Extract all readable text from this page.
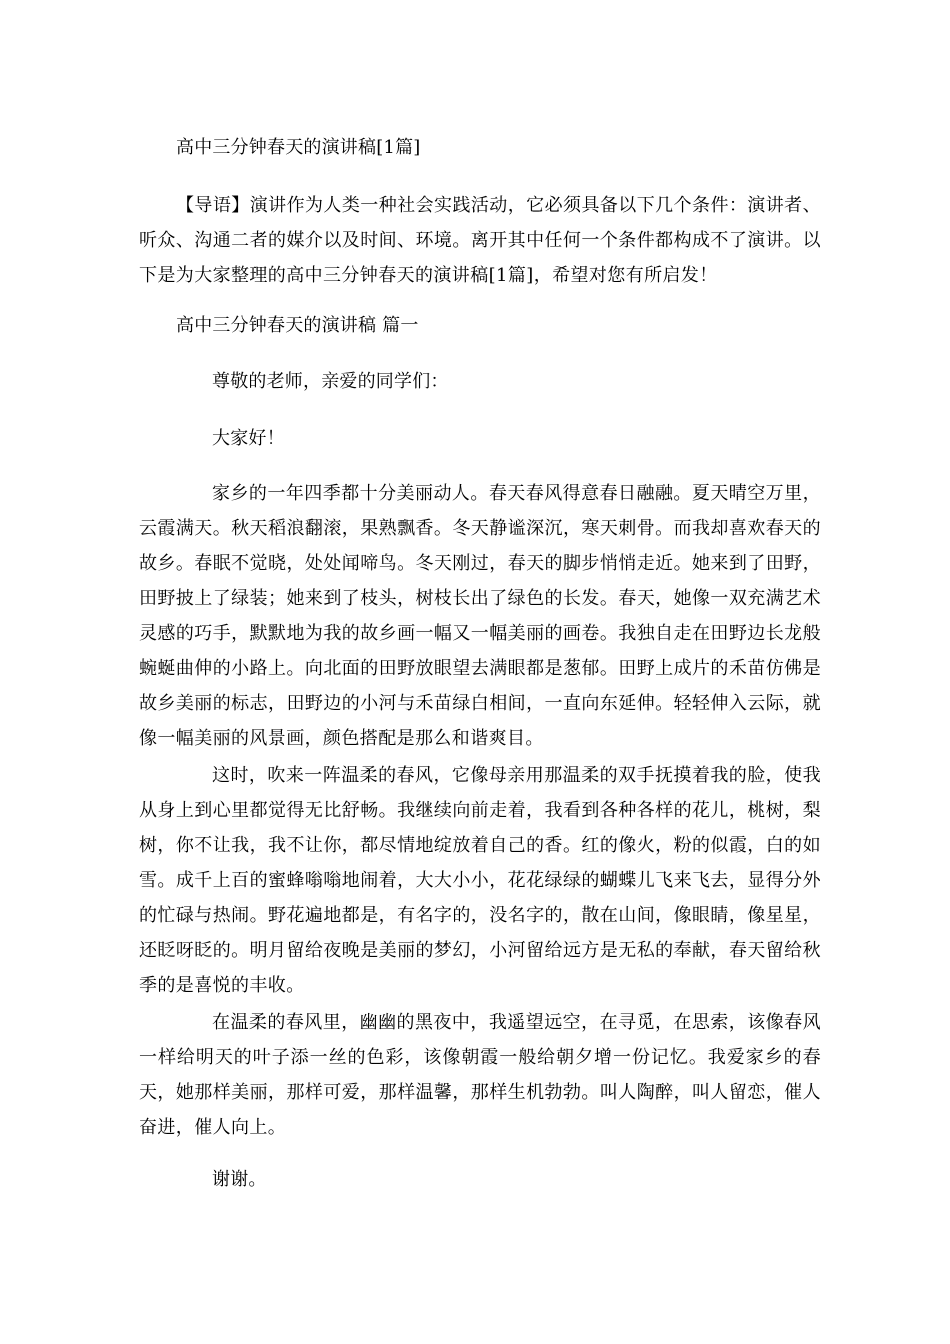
高中三分钟春天的演讲稿[1篇]

【导语】演讲作为人类一种社会实践活动，它必须具备以下几个条件：演讲者、听众、沟通二者的媒介以及时间、环境。离开其中任何一个条件都构成不了演讲。以下是为大家整理的高中三分钟春天的演讲稿[1篇]，希望对您有所启发！

高中三分钟春天的演讲稿 篇一

尊敬的老师，亲爱的同学们：

大家好！

家乡的一年四季都十分美丽动人。春天春风得意春日融融。夏天晴空万里，云霞满天。秋天稻浪翻滚，果熟飘香。冬天静谧深沉，寒天刺骨。而我却喜欢春天的故乡。春眠不觉晓，处处闻啼鸟。冬天刚过，春天的脚步悄悄走近。她来到了田野，田野披上了绿装；她来到了枝头，树枝长出了绿色的长发。春天，她像一双充满艺术灵感的巧手，默默地为我的故乡画一幅又一幅美丽的画卷。我独自走在田野边长龙般蜿蜒曲伸的小路上。向北面的田野放眼望去满眼都是葱郁。田野上成片的禾苗仿佛是故乡美丽的标志，田野边的小河与禾苗绿白相间，一直向东延伸。轻轻伸入云际，就像一幅美丽的风景画，颜色搭配是那么和谐爽目。

这时，吹来一阵温柔的春风，它像母亲用那温柔的双手抚摸着我的脸，使我从身上到心里都觉得无比舒畅。我继续向前走着，我看到各种各样的花儿，桃树，梨树，你不让我，我不让你，都尽情地绽放着自己的香。红的像火，粉的似霞，白的如雪。成千上百的蜜蜂嗡嗡地闹着，大大小小，花花绿绿的蝴蝶儿飞来飞去，显得分外的忙碌与热闹。野花遍地都是，有名字的，没名字的，散在山间，像眼睛，像星星，还眨呀眨的。明月留给夜晚是美丽的梦幻，小河留给远方是无私的奉献，春天留给秋季的是喜悦的丰收。

在温柔的春风里，幽幽的黑夜中，我遥望远空，在寻觅，在思索，该像春风一样给明天的叶子添一丝的色彩，该像朝霞一般给朝夕增一份记忆。我爱家乡的春天，她那样美丽，那样可爱，那样温馨，那样生机勃勃。叫人陶醉，叫人留恋，催人奋进，催人向上。

谢谢。
